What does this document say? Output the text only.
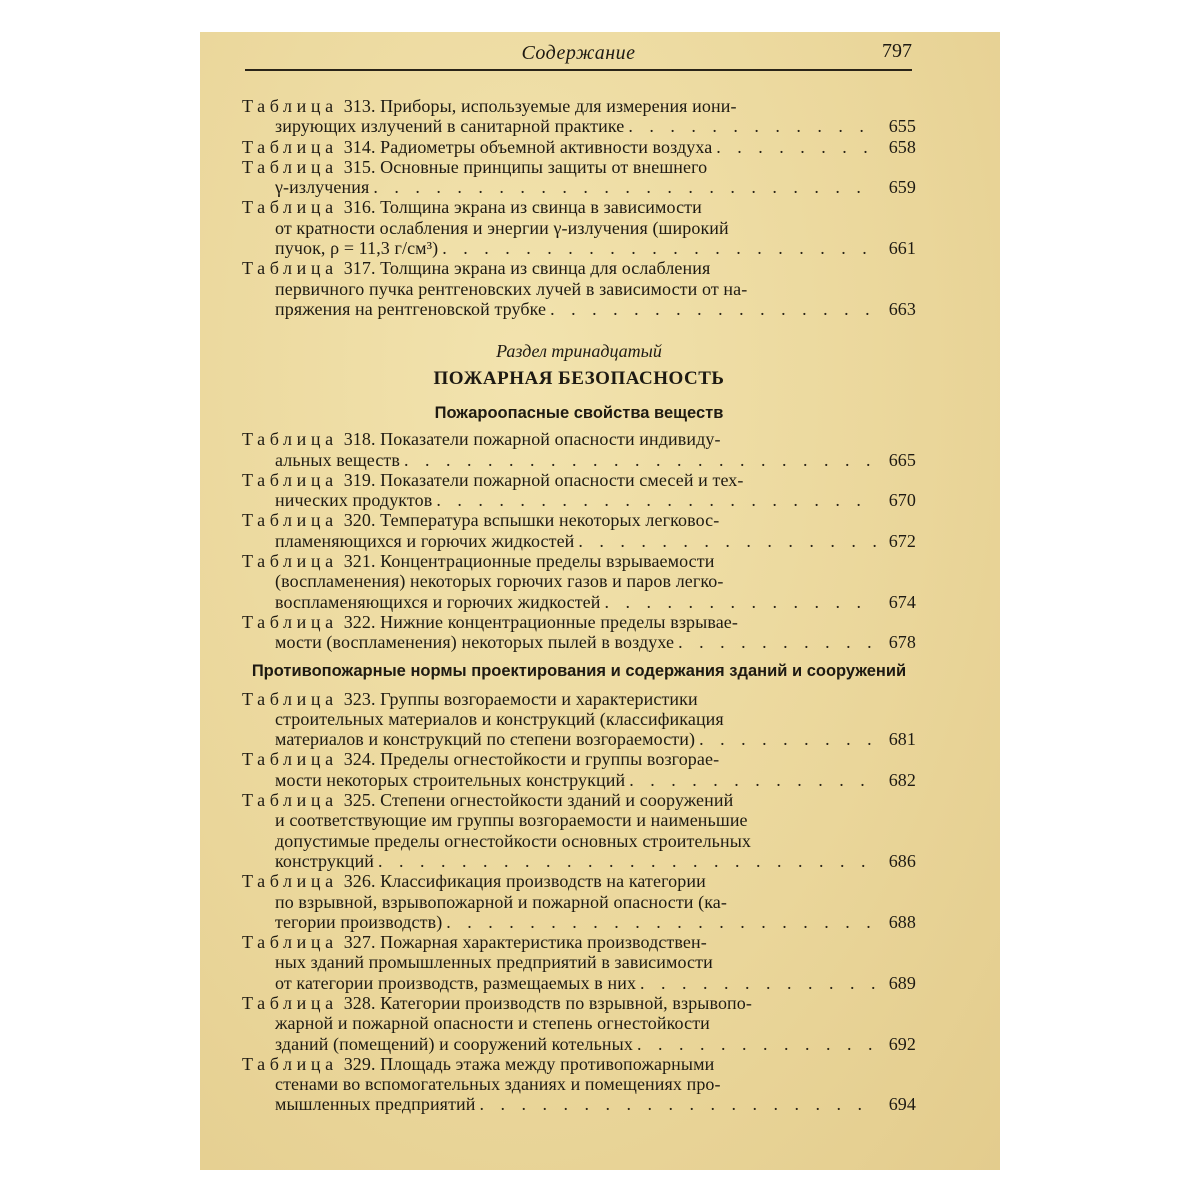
Содержание	797
Таблица 313. Приборы, используемые для измерения иони-
зирующих излучений в санитарной практике . . .	655
Таблица 314. Радиометры объемной активности воздуха . . .	658
Таблица 315. Основные принципы защиты от внешнего
γ-излучения . . .	659
Таблица 316. Толщина экрана из свинца в зависимости
от кратности ослабления и энергии γ-излучения (широкий
пучок, ρ = 11,3 г/см³) . . .	661
Таблица 317. Толщина экрана из свинца для ослабления
первичного пучка рентгеновских лучей в зависимости от на-
пряжения на рентгеновской трубке . . .	663
Раздел тринадцатый
ПОЖАРНАЯ БЕЗОПАСНОСТЬ
Пожароопасные свойства веществ
Таблица 318. Показатели пожарной опасности индивиду-
альных веществ . . .	665
Таблица 319. Показатели пожарной опасности смесей и тех-
нических продуктов . . .	670
Таблица 320. Температура вспышки некоторых легковос-
пламеняющихся и горючих жидкостей . . .	672
Таблица 321. Концентрационные пределы взрываемости
(воспламенения) некоторых горючих газов и паров легко-
воспламеняющихся и горючих жидкостей . . .	674
Таблица 322. Нижние концентрационные пределы взрывае-
мости (воспламенения) некоторых пылей в воздухе . . .	678
Противопожарные нормы проектирования и содержания зданий и сооружений
Таблица 323. Группы возгораемости и характеристики
строительных материалов и конструкций (классификация
материалов и конструкций по степени возгораемости) . . .	681
Таблица 324. Пределы огнестойкости и группы возгорае-
мости некоторых строительных конструкций . . .	682
Таблица 325. Степени огнестойкости зданий и сооружений
и соответствующие им группы возгораемости и наименьшие
допустимые пределы огнестойкости основных строительных
конструкций . . .	686
Таблица 326. Классификация производств на категории
по взрывной, взрывопожарной и пожарной опасности (ка-
тегории производств) . . .	688
Таблица 327. Пожарная характеристика производствен-
ных зданий промышленных предприятий в зависимости
от категории производств, размещаемых в них . . .	689
Таблица 328. Категории производств по взрывной, взрывопо-
жарной и пожарной опасности и степень огнестойкости
зданий (помещений) и сооружений котельных . . .	692
Таблица 329. Площадь этажа между противопожарными
стенами во вспомогательных зданиях и помещениях про-
мышленных предприятий . . .	694
